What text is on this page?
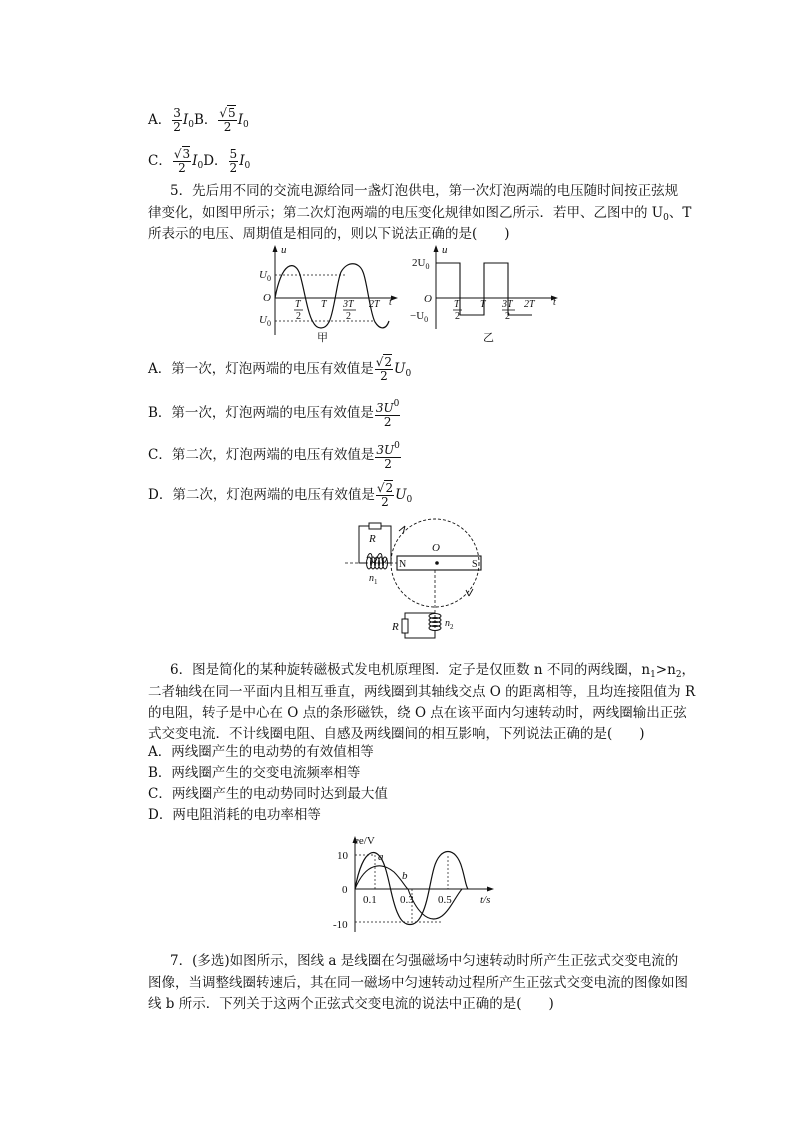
A． $\frac{3}{2} I_0B$． $\frac{√5}{2} I_0$
C． $\frac{√3}{2} I_0D$． $\frac{5}{2} I_0$
5．先后用不同的交流电源给同一盏灯泡供电，第一次灯泡两端的电压随时间按正弦规
律变化，如图甲所示；第二次灯泡两端的电压变化规律如图乙所示．若甲、乙图中的 $U_0$、T
所表示的电压、周期值是相同的，则以下说法正确的是(　　)
u
$U_0$
O
$U_0$
T
2
T 3T
2
2T t
甲
u
$2U_0$
O
$-U_0$
T
2
T 3T
2
2T t
乙
A．第一次，灯泡两端的电压有效值是 $\frac{√2}{2} U_0$
B．第一次，灯泡两端的电压有效值是 $\frac{3U^0}{2}$
C．第二次，灯泡两端的电压有效值是 $\frac{3U^0}{2}$
D．第二次，灯泡两端的电压有效值是 $\frac{√2}{2} U_0$
O
N	S
R
$n_1$
R	$n_2$
6．图是简化的某种旋转磁极式发电机原理图．定子是仅匝数 n 不同的两线圈，$n_1>n_2$，
二者轴线在同一平面内且相互垂直，两线圈到其轴线交点 O 的距离相等，且均连接阻值为 R
的电阻，转子是中心在 O 点的条形磁铁，绕 O 点在该平面内匀速转动时，两线圈输出正弦
式交变电流．不计线圈电阻、自感及两线圈间的相互影响，下列说法正确的是(　　)
A．两线圈产生的电动势的有效值相等
B．两线圈产生的交变电流频率相等
C．两线圈产生的电动势同时达到最大值
D．两电阻消耗的电功率相等
ee/V
10
0
-10
0.1 0.3 0.5	t/s
a
b
7．(多选)如图所示，图线 a 是线圈在匀强磁场中匀速转动时所产生正弦式交变电流的
图像，当调整线圈转速后，其在同一磁场中匀速转动过程所产生正弦式交变电流的图像如图
线 b 所示．下列关于这两个正弦式交变电流的说法中正确的是(　　)
